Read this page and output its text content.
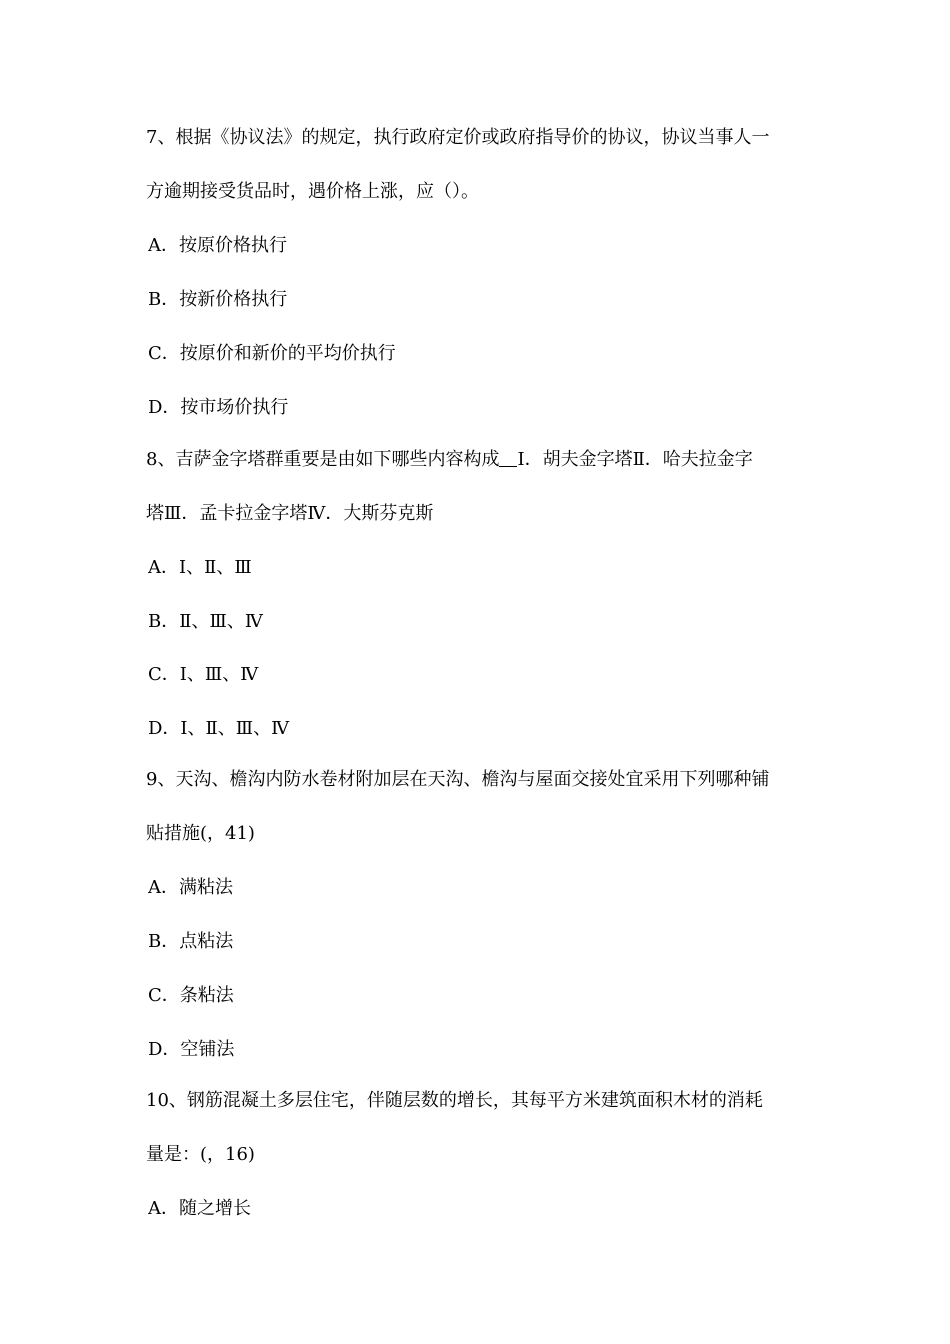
7、根据《协议法》的规定，执行政府定价或政府指导价的协议，协议当事人一
方逾期接受货品时，遇价格上涨，应（）。
A．按原价格执行
B．按新价格执行
C．按原价和新价的平均价执行
D．按市场价执行
8、吉萨金字塔群重要是由如下哪些内容构成 Ⅰ．胡夫金字塔Ⅱ．哈夫拉金字
塔Ⅲ．孟卡拉金字塔Ⅳ．大斯芬克斯
A．Ⅰ、Ⅱ、Ⅲ
B．Ⅱ、Ⅲ、Ⅳ
C．Ⅰ、Ⅲ、Ⅳ
D．Ⅰ、Ⅱ、Ⅲ、Ⅳ
9、天沟、檐沟内防水卷材附加层在天沟、檐沟与屋面交接处宜采用下列哪种铺
贴措施(，41)
A．满粘法
B．点粘法
C．条粘法
D．空铺法
10、钢筋混凝土多层住宅，伴随层数的增长，其每平方米建筑面积木材的消耗
量是：(，16)
A．随之增长
